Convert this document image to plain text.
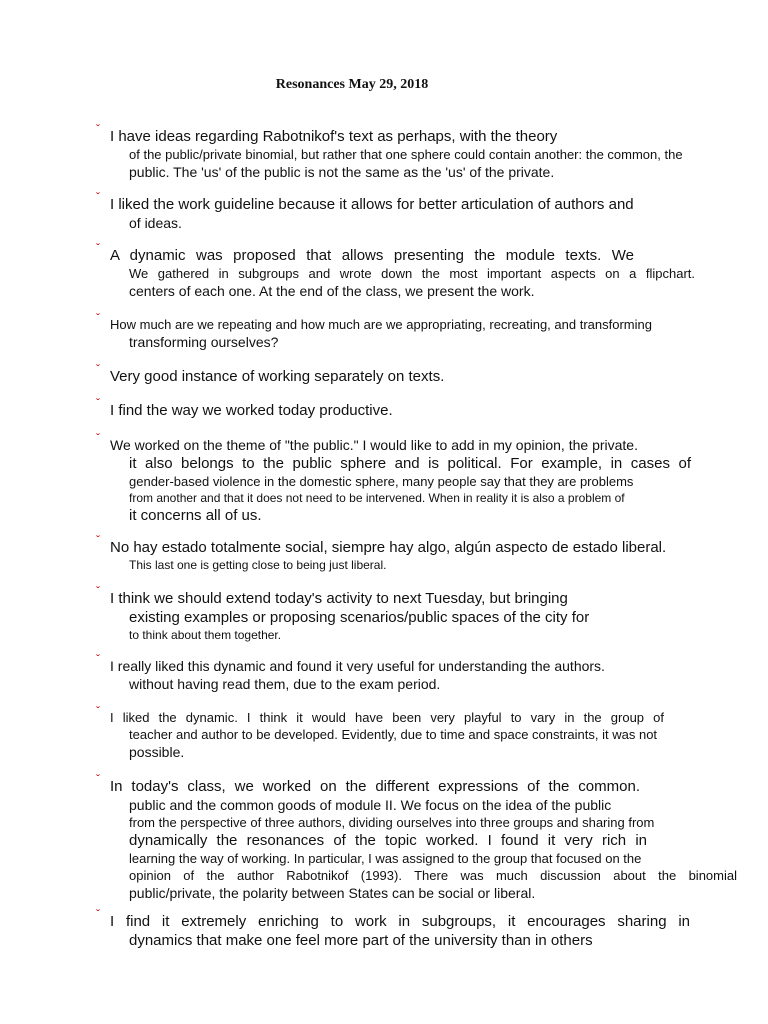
Resonances May 29, 2018
ˇ I have ideas regarding Rabotnikof's text as perhaps, with the theory
of the public/private binomial, but rather that one sphere could contain another: the common, the
public. The 'us' of the public is not the same as the 'us' of the private.
ˇ I liked the work guideline because it allows for better articulation of authors and
of ideas.
ˇ A dynamic was proposed that allows presenting the module texts. We
We gathered in subgroups and wrote down the most important aspects on a flipchart.
centers of each one. At the end of the class, we present the work.
ˇ How much are we repeating and how much are we appropriating, recreating, and transforming
transforming ourselves?
ˇ Very good instance of working separately on texts.
ˇ I find the way we worked today productive.
ˇ We worked on the theme of "the public." I would like to add in my opinion, the private.
it also belongs to the public sphere and is political. For example, in cases of
gender-based violence in the domestic sphere, many people say that they are problems
from another and that it does not need to be intervened. When in reality it is also a problem of
it concerns all of us.
ˇ No hay estado totalmente social, siempre hay algo, algún aspecto de estado liberal.
This last one is getting close to being just liberal.
ˇ I think we should extend today's activity to next Tuesday, but bringing
existing examples or proposing scenarios/public spaces of the city for
to think about them together.
ˇ I really liked this dynamic and found it very useful for understanding the authors.
without having read them, due to the exam period.
ˇ I liked the dynamic. I think it would have been very playful to vary in the group of
teacher and author to be developed. Evidently, due to time and space constraints, it was not
possible.
ˇ In today's class, we worked on the different expressions of the common.
public and the common goods of module II. We focus on the idea of the public
from the perspective of three authors, dividing ourselves into three groups and sharing from
dynamically the resonances of the topic worked. I found it very rich in
learning the way of working. In particular, I was assigned to the group that focused on the
opinion of the author Rabotnikof (1993). There was much discussion about the binomial
public/private, the polarity between States can be social or liberal.
ˇ I find it extremely enriching to work in subgroups, it encourages sharing in
dynamics that make one feel more part of the university than in others
